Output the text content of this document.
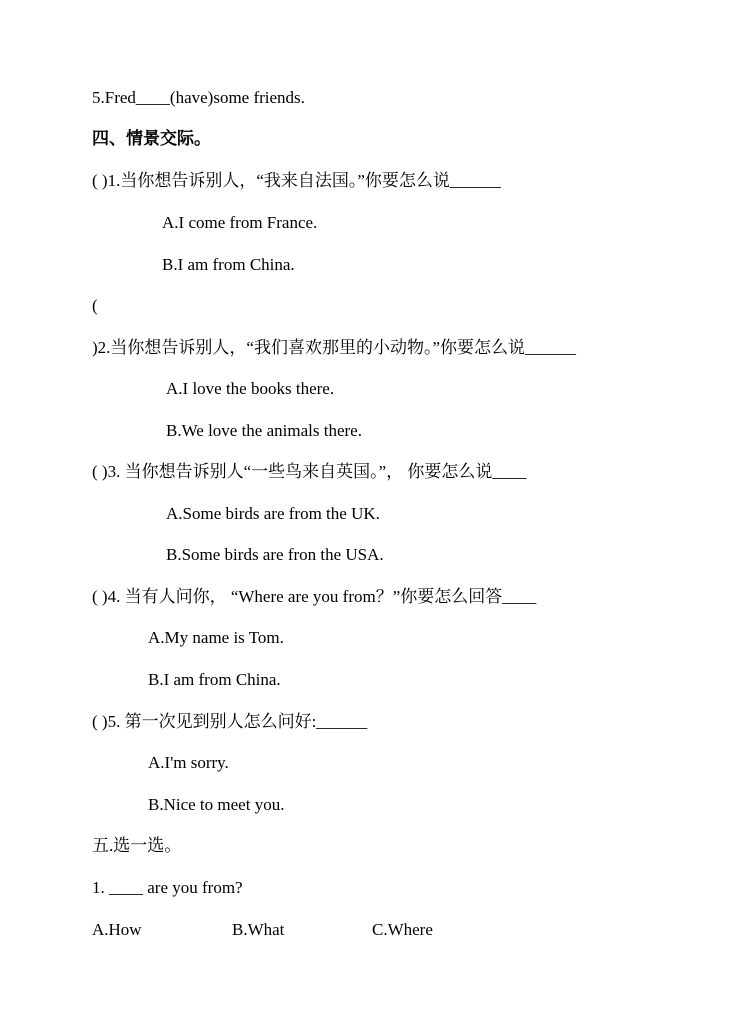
5.Fred____(have)some friends.
四、情景交际。
( )1.当你想告诉别人，“我来自法国。”你要怎么说______
A.I come from France.
B.I am from China.
(
)2.当你想告诉别人，“我们喜欢那里的小动物。”你要怎么说______
A.I love the books there.
B.We love the animals there.
( )3. 当你想告诉别人“一些鸟来自英国。”， 你要怎么说____
A.Some birds are from the UK.
B.Some birds are fron the USA.
( )4. 当有人问你， “Where are you from？”你要怎么回答____
A.My name is Tom.
B.I am from China.
( )5. 第一次见到别人怎么问好:______
A.I'm sorry.
B.Nice to meet you.
五.选一选。
1. ____ are you from?
A.How	B.What	C.Where
